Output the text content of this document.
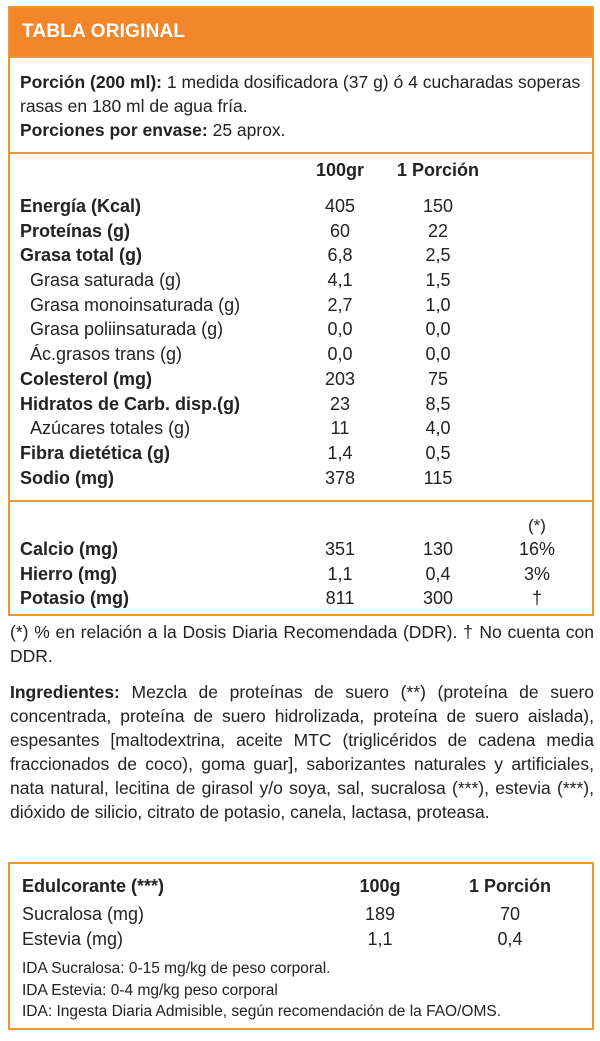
TABLA ORIGINAL
Porción (200 ml): 1 medida dosificadora (37 g) ó 4 cucharadas soperas rasas en 180 ml de agua fría.
Porciones por envase: 25 aprox.
100gr	1 Porción
Energía (Kcal)	405	150
Proteínas (g)	60	22
Grasa total (g)	6,8	2,5
Grasa saturada (g)	4,1	1,5
Grasa monoinsaturada (g)	2,7	1,0
Grasa poliinsaturada (g)	0,0	0,0
Ác.grasos trans (g)	0,0	0,0
Colesterol (mg)	203	75
Hidratos de Carb. disp.(g)	23	8,5
Azúcares totales (g)	11	4,0
Fibra dietética (g)	1,4	0,5
Sodio (mg)	378	115
(*)
Calcio (mg)	351	130	16%
Hierro (mg)	1,1	0,4	3%
Potasio (mg)	811	300	†
(*) % en relación a la Dosis Diaria Recomendada (DDR). † No cuenta con DDR.
Ingredientes: Mezcla de proteínas de suero (**) (proteína de suero concentrada, proteína de suero hidrolizada, proteína de suero aislada), espesantes [maltodextrina, aceite MTC (triglicéridos de cadena media fraccionados de coco), goma guar], saborizantes naturales y artificiales, nata natural, lecitina de girasol y/o soya, sal, sucralosa (***), estevia (***), dióxido de silicio, citrato de potasio, canela, lactasa, proteasa.
Edulcorante (***)	100g	1 Porción
Sucralosa (mg)	189	70
Estevia (mg)	1,1	0,4
IDA Sucralosa: 0-15 mg/kg de peso corporal.
IDA Estevia: 0-4 mg/kg peso corporal
IDA: Ingesta Diaria Admisible, según recomendación de la FAO/OMS.
